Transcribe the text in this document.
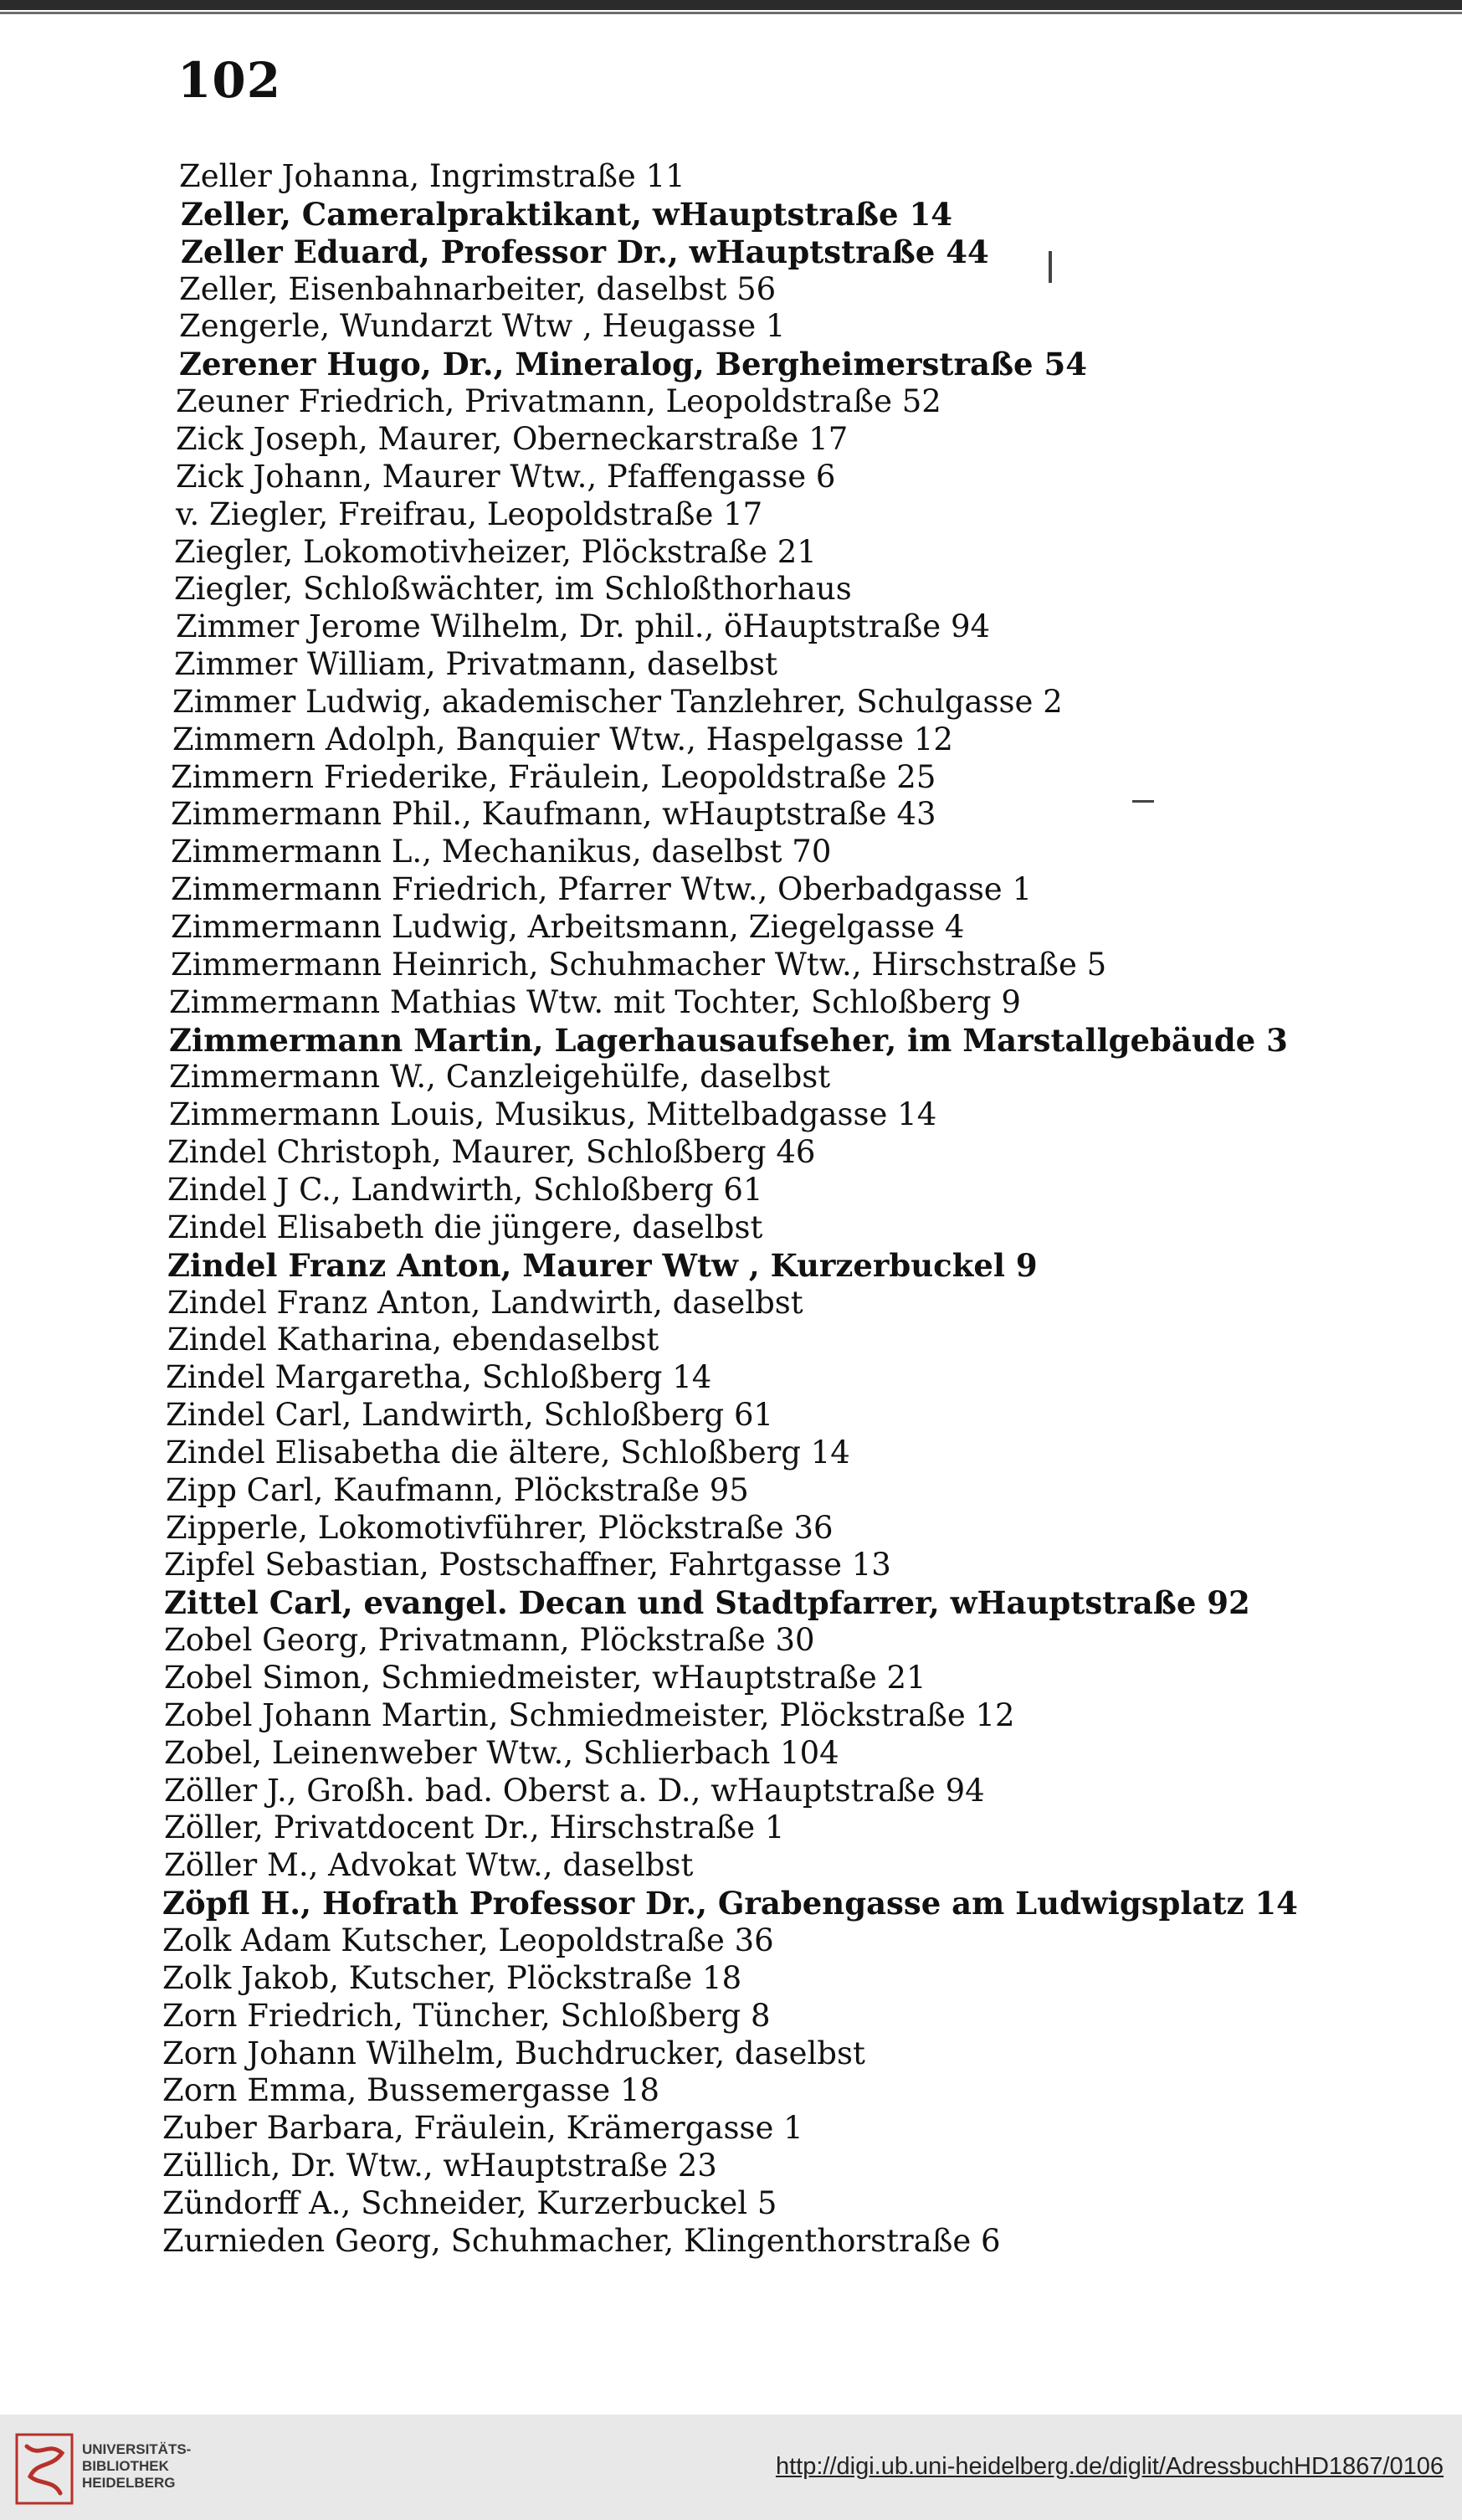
102
Zeller Johanna, Ingrimstraße 11
Zeller, Cameralpraktikant, wHauptstraße 14
Zeller Eduard, Professor Dr., wHauptstraße 44
Zeller, Eisenbahnarbeiter, daselbst 56
Zengerle, Wundarzt Wtw , Heugasse 1
Zerener Hugo, Dr., Mineralog, Bergheimerstraße 54
Zeuner Friedrich, Privatmann, Leopoldstraße 52
Zick Joseph, Maurer, Oberneckarstraße 17
Zick Johann, Maurer Wtw., Pfaffengasse 6
v. Ziegler, Freifrau, Leopoldstraße 17
Ziegler, Lokomotivheizer, Plöckstraße 21
Ziegler, Schloßwächter, im Schloßthorhaus
Zimmer Jerome Wilhelm, Dr. phil., öHauptstraße 94
Zimmer William, Privatmann, daselbst
Zimmer Ludwig, akademischer Tanzlehrer, Schulgasse 2
Zimmern Adolph, Banquier Wtw., Haspelgasse 12
Zimmern Friederike, Fräulein, Leopoldstraße 25
Zimmermann Phil., Kaufmann, wHauptstraße 43
Zimmermann L., Mechanikus, daselbst 70
Zimmermann Friedrich, Pfarrer Wtw., Oberbadgasse 1
Zimmermann Ludwig, Arbeitsmann, Ziegelgasse 4
Zimmermann Heinrich, Schuhmacher Wtw., Hirschstraße 5
Zimmermann Mathias Wtw. mit Tochter, Schloßberg 9
Zimmermann Martin, Lagerhausaufseher, im Marstallgebäude 3
Zimmermann W., Canzleigehülfe, daselbst
Zimmermann Louis, Musikus, Mittelbadgasse 14
Zindel Christoph, Maurer, Schloßberg 46
Zindel J C., Landwirth, Schloßberg 61
Zindel Elisabeth die jüngere, daselbst
Zindel Franz Anton, Maurer Wtw , Kurzerbuckel 9
Zindel Franz Anton, Landwirth, daselbst
Zindel Katharina, ebendaselbst
Zindel Margaretha, Schloßberg 14
Zindel Carl, Landwirth, Schloßberg 61
Zindel Elisabetha die ältere, Schloßberg 14
Zipp Carl, Kaufmann, Plöckstraße 95
Zipperle, Lokomotivführer, Plöckstraße 36
Zipfel Sebastian, Postschaffner, Fahrtgasse 13
Zittel Carl, evangel. Decan und Stadtpfarrer, wHauptstraße 92
Zobel Georg, Privatmann, Plöckstraße 30
Zobel Simon, Schmiedmeister, wHauptstraße 21
Zobel Johann Martin, Schmiedmeister, Plöckstraße 12
Zobel, Leinenweber Wtw., Schlierbach 104
Zöller J., Großh. bad. Oberst a. D., wHauptstraße 94
Zöller, Privatdocent Dr., Hirschstraße 1
Zöller M., Advokat Wtw., daselbst
Zöpfl H., Hofrath Professor Dr., Grabengasse am Ludwigsplatz 14
Zolk Adam Kutscher, Leopoldstraße 36
Zolk Jakob, Kutscher, Plöckstraße 18
Zorn Friedrich, Tüncher, Schloßberg 8
Zorn Johann Wilhelm, Buchdrucker, daselbst
Zorn Emma, Bussemergasse 18
Zuber Barbara, Fräulein, Krämergasse 1
Züllich, Dr. Wtw., wHauptstraße 23
Zündorff A., Schneider, Kurzerbuckel 5
Zurnieden Georg, Schuhmacher, Klingenthorstraße 6
UNIVERSITÄTS-
BIBLIOTHEK
HEIDELBERG
http://digi.ub.uni-heidelberg.de/diglit/AdressbuchHD1867/0106
